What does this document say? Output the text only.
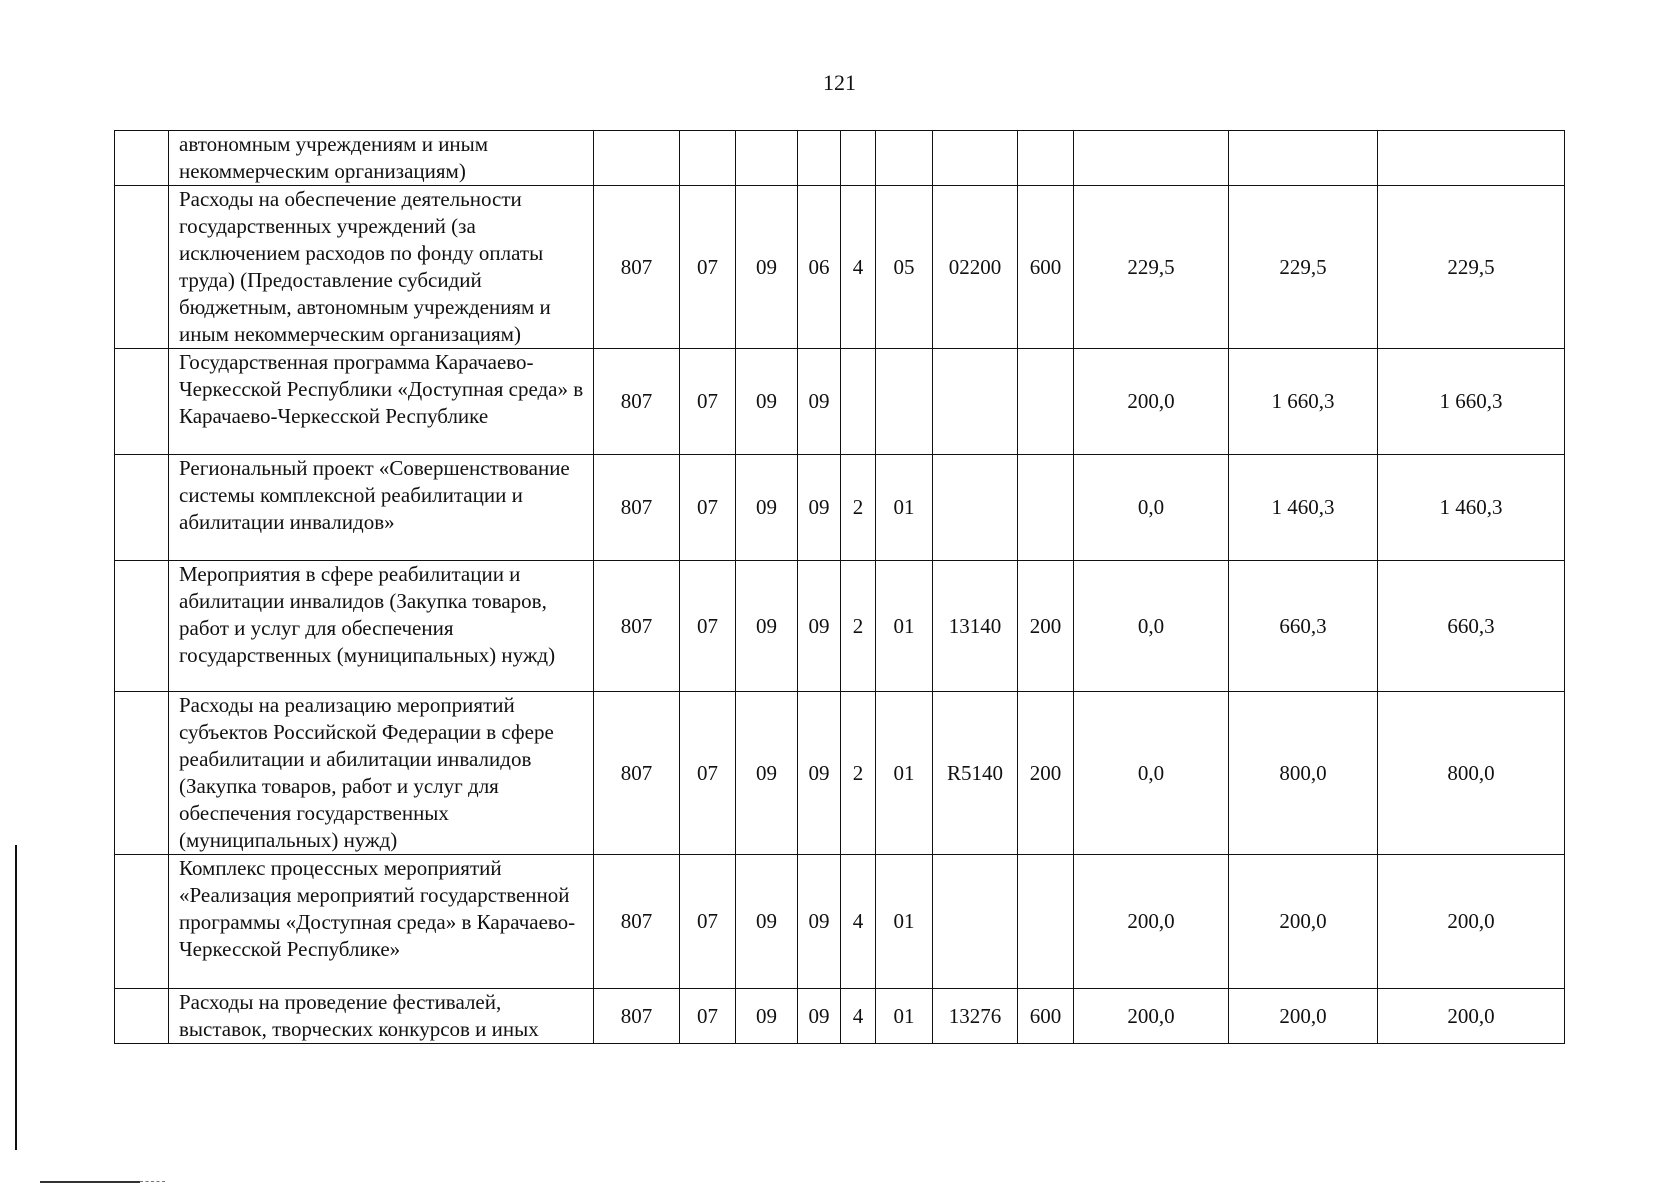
121
	автономным учреждениям и иным некоммерческим организациям)											
	Расходы на обеспечение деятельности государственных учреждений (за исключением расходов по фонду оплаты труда) (Предоставление субсидий бюджетным, автономным учреждениям и иным некоммерческим организациям)	807	07	09	06	4	05	02200	600	229,5	229,5	229,5
	Государственная программа Карачаево-Черкесской Республики «Доступная среда» в Карачаево-Черкесской Республике	807	07	09	09					200,0	1 660,3	1 660,3
	Региональный проект «Совершенствование системы комплексной реабилитации и абилитации инвалидов»	807	07	09	09	2	01			0,0	1 460,3	1 460,3
	Мероприятия в сфере реабилитации и абилитации инвалидов (Закупка товаров, работ и услуг для обеспечения государственных (муниципальных) нужд)	807	07	09	09	2	01	13140	200	0,0	660,3	660,3
	Расходы на реализацию мероприятий субъектов Российской Федерации в сфере реабилитации и абилитации инвалидов (Закупка товаров, работ и услуг для обеспечения государственных (муниципальных) нужд)	807	07	09	09	2	01	R5140	200	0,0	800,0	800,0
	Комплекс процессных мероприятий «Реализация мероприятий государственной программы «Доступная среда» в Карачаево-Черкесской Республике»	807	07	09	09	4	01			200,0	200,0	200,0
	Расходы на проведение фестивалей, выставок, творческих конкурсов и иных	807	07	09	09	4	01	13276	600	200,0	200,0	200,0
